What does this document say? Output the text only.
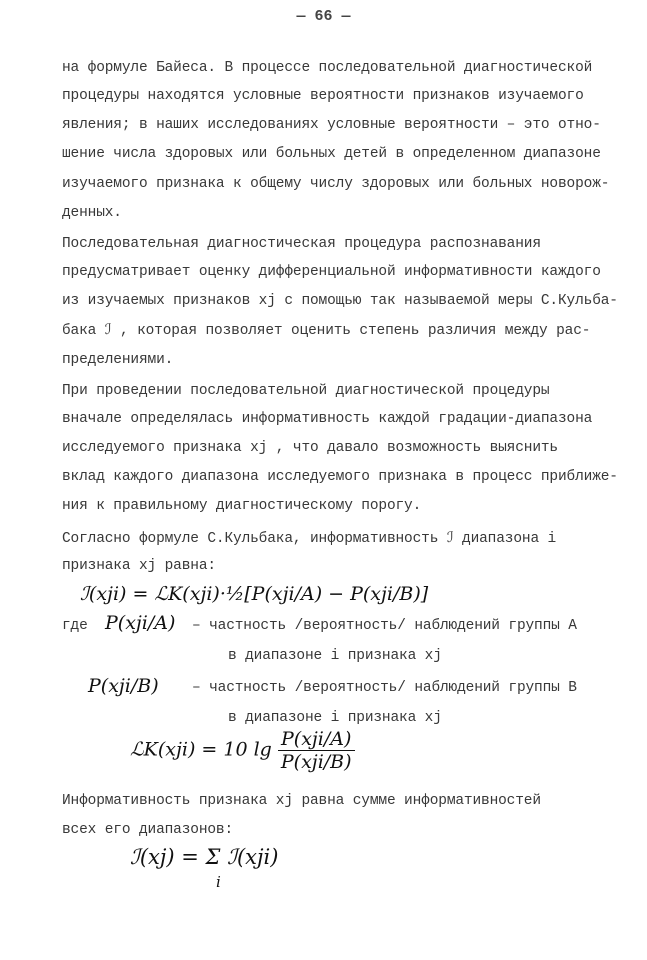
— 66 —
на формуле Байеса. В процессе последовательной диагностической
процедуры находятся условные вероятности признаков изучаемого
явления; в наших исследованиях условные вероятности – это отно-
шение числа здоровых или больных детей в определенном диапазоне
изучаемого признака к общему числу здоровых или больных новорож-
денных.
Последовательная диагностическая процедура распознавания
предусматривает оценку дифференциальной информативности каждого
из изучаемых признаков xj с помощью так называемой меры С.Кульба-
бака ℐ , которая позволяет оценить степень различия между рас-
пределениями.
При проведении последовательной диагностической процедуры
вначале определялась информативность каждой градации-диапазона
исследуемого признака xj , что давало возможность выяснить
вклад каждого диапазона исследуемого признака в процесс приближе-
ния к правильному диагностическому порогу.
Согласно формуле С.Кульбака, информативность ℐ диапазона i
признака xj равна:
ℐ(xji) = ℒK(xji)·½[P(xji/A) − P(xji/B)]
где P(xji/A) – частность /вероятность/ наблюдений группы А
в диапазоне i признака xj
P(xji/B) – частность /вероятность/ наблюдений группы В
в диапазоне i признака xj
ℒK(xji) = 10 $\lg \frac{\text{P(xji/A)}}{\text{P(xji/B)}}$
Информативность признака xj равна сумме информативностей
всех его диапазонов:
ℐ(xj) = Σ ℐ(xji)
i
